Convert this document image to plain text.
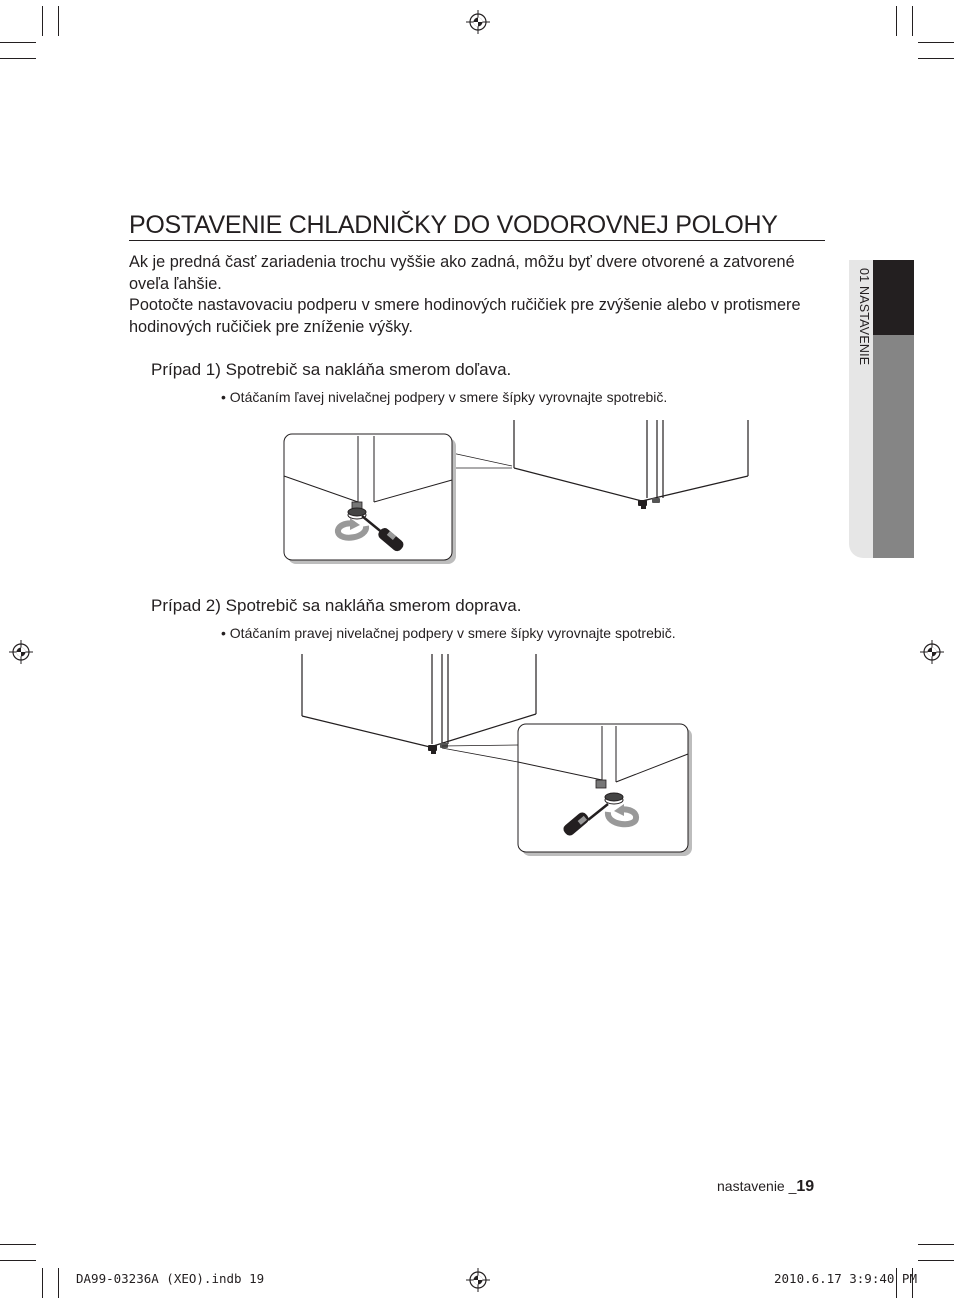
01 NASTAVENIE
POSTAVENIE CHLADNIČKY DO VODOROVNEJ POLOHY

Ak je predná časť zariadenia trochu vyššie ako zadná, môžu byť dvere otvorené a zatvorené oveľa ľahšie.

Pootočte nastavovaciu podperu v smere hodinových ručičiek pre zvýšenie alebo v protismere hodinových ručičiek pre zníženie výšky.

Prípad 1) Spotrebič sa nakláňa smerom doľava.
• Otáčaním ľavej nivelačnej podpery v smere šípky vyrovnajte spotrebič.
Prípad 2) Spotrebič sa nakláňa smerom doprava.
• Otáčaním pravej nivelačnej podpery v smere šípky vyrovnajte spotrebič.
nastavenie _19
DA99-03236A (XEO).indb 19	2010.6.17 3:9:40 PM
